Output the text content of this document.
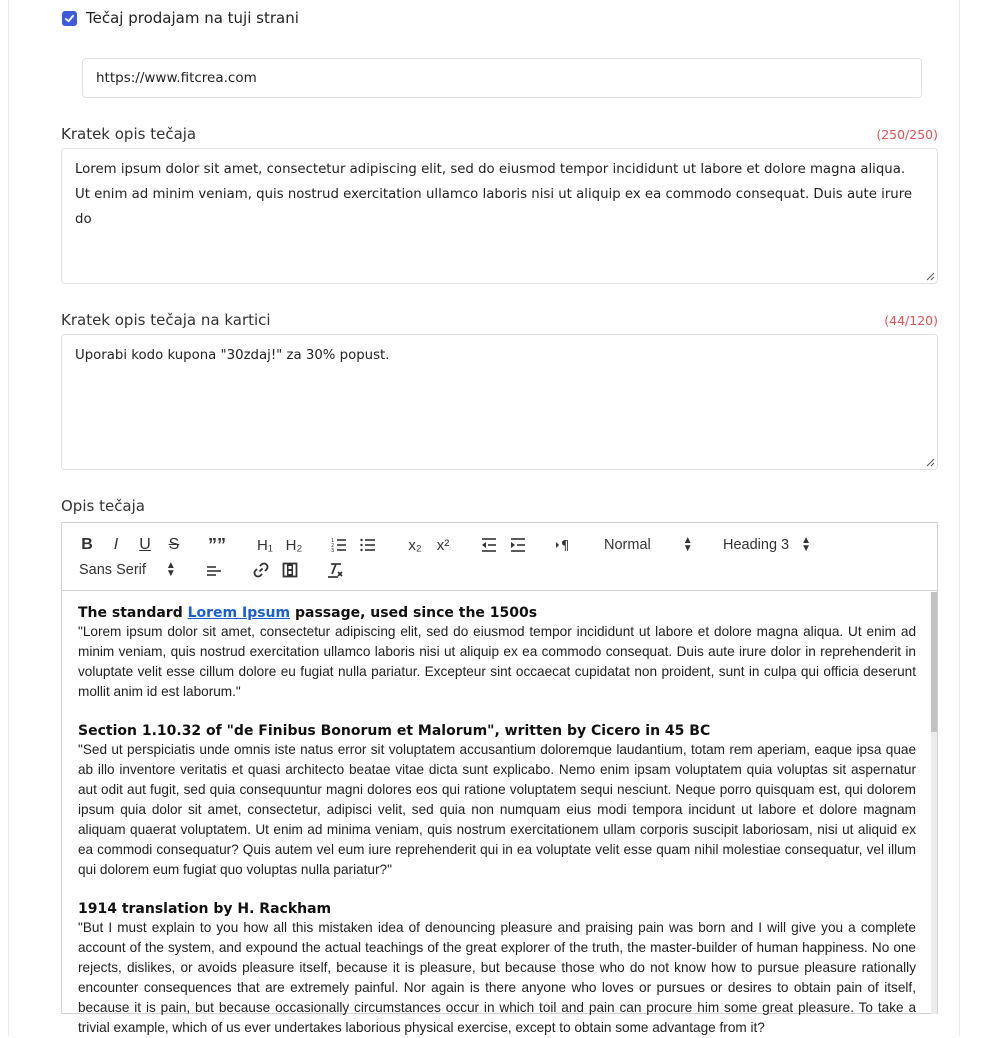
Tečaj prodajam na tuji strani
https://www.fitcrea.com
Kratek opis tečaja	(250/250)
Lorem ipsum dolor sit amet, consectetur adipiscing elit, sed do eiusmod tempor incididunt ut labore et dolore magna aliqua. Ut enim ad minim veniam, quis nostrud exercitation ullamco laboris nisi ut aliquip ex ea commodo consequat. Duis aute irure do
Kratek opis tečaja na kartici	(44/120)
Uporabi kodo kupona "30zdaj!" za 30% popust.
Opis tečaja
B I U S ”” H₁ H₂	1
2
3	x₂ x²	¶ Normal	▲
▼ Heading 3 ▲
▼
Sans Serif ▲
▼
The standard Lorem Ipsum passage, used since the 1500s

"Lorem ipsum dolor sit amet, consectetur adipiscing elit, sed do eiusmod tempor incididunt ut labore et dolore magna aliqua. Ut enim ad minim veniam, quis nostrud exercitation ullamco laboris nisi ut aliquip ex ea commodo consequat. Duis aute irure dolor in reprehenderit in voluptate velit esse cillum dolore eu fugiat nulla pariatur. Excepteur sint occaecat cupidatat non proident, sunt in culpa qui officia deserunt mollit anim id est laborum."

Section 1.10.32 of "de Finibus Bonorum et Malorum", written by Cicero in 45 BC

"Sed ut perspiciatis unde omnis iste natus error sit voluptatem accusantium doloremque laudantium, totam rem aperiam, eaque ipsa quae ab illo inventore veritatis et quasi architecto beatae vitae dicta sunt explicabo. Nemo enim ipsam voluptatem quia voluptas sit aspernatur aut odit aut fugit, sed quia consequuntur magni dolores eos qui ratione voluptatem sequi nesciunt. Neque porro quisquam est, qui dolorem ipsum quia dolor sit amet, consectetur, adipisci velit, sed quia non numquam eius modi tempora incidunt ut labore et dolore magnam aliquam quaerat voluptatem. Ut enim ad minima veniam, quis nostrum exercitationem ullam corporis suscipit laboriosam, nisi ut aliquid ex ea commodi consequatur? Quis autem vel eum iure reprehenderit qui in ea voluptate velit esse quam nihil molestiae consequatur, vel illum qui dolorem eum fugiat quo voluptas nulla pariatur?"

1914 translation by H. Rackham

"But I must explain to you how all this mistaken idea of denouncing pleasure and praising pain was born and I will give you a complete account of the system, and expound the actual teachings of the great explorer of the truth, the master-builder of human happiness. No one rejects, dislikes, or avoids pleasure itself, because it is pleasure, but because those who do not know how to pursue pleasure rationally encounter consequences that are extremely painful. Nor again is there anyone who loves or pursues or desires to obtain pain of itself, because it is pain, but because occasionally circumstances occur in which toil and pain can procure him some great pleasure. To take a trivial example, which of us ever undertakes laborious physical exercise, except to obtain some advantage from it?
